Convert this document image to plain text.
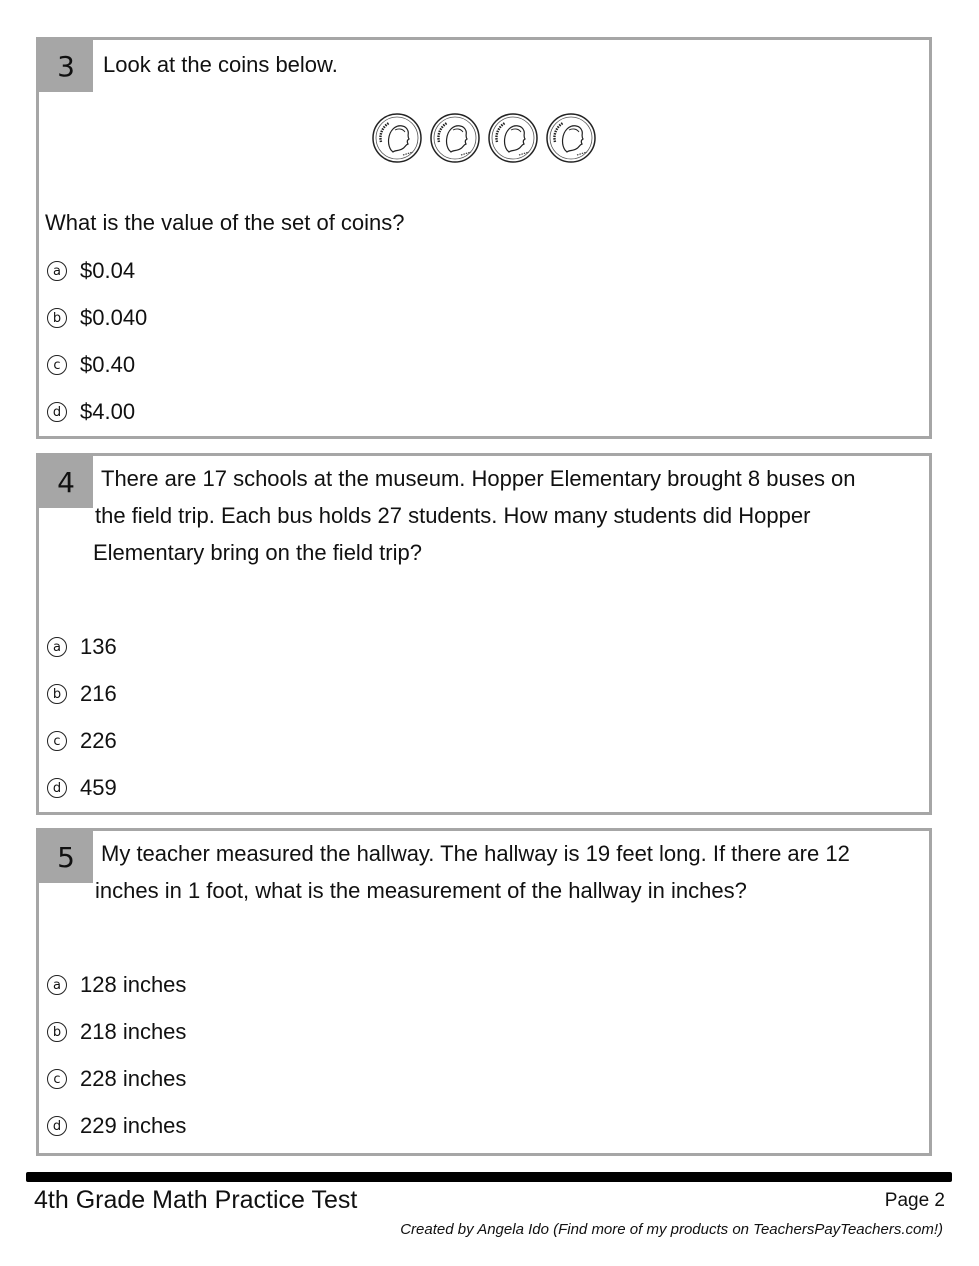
3	Look at the coins below.
What is the value of the set of coins?
a $0.04
b $0.040
c $0.40
d $4.00
4	There are 17 schools at the museum. Hopper Elementary brought 8 buses on
the field trip. Each bus holds 27 students. How many students did Hopper
Elementary bring on the field trip?
a 136
b 216
c 226
d 459
5	My teacher measured the hallway. The hallway is 19 feet long. If there are 12
inches in 1 foot, what is the measurement of the hallway in inches?
a 128 inches
b 218 inches
c 228 inches
d 229 inches
4th Grade Math Practice Test	Page 2
Created by Angela Ido (Find more of my products on TeachersPayTeachers.com!)
